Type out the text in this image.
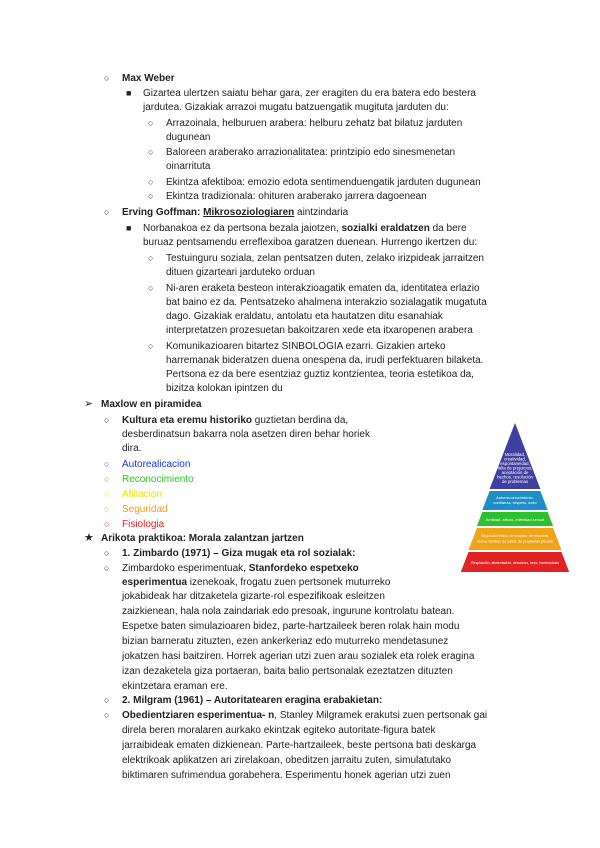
○ Max Weber
■ Gizartea ulertzen saiatu behar gara, zer eragiten du era batera edo bestera
jardutea. Gizakiak arrazoi mugatu batzuengatik mugituta jarduten du:
○ Arrazoinala, helburuen arabera: helburu zehatz bat bilatuz jarduten
dugunean
○ Baloreen araberako arrazionalitatea: printzipio edo sinesmenetan
oinarrituta
○ Ekintza afektiboa: emozio edota sentimenduengatik jarduten dugunean
○ Ekintza tradizionala: ohituren araberako jarrera dagoenean
○ Erving Goffman: Mikrosoziologiaren aintzindaria
■ Norbanakoa ez da pertsona bezala jaiotzen, sozialki eraldatzen da bere
buruaz pentsamendu erreflexiboa garatzen duenean. Hurrengo ikertzen du:
○ Testuinguru soziala, zelan pentsatzen duten, zelako irizpideak jarraitzen
dituen gizarteari jarduteko orduan
○ Ni-aren eraketa besteon interakzioagatik ematen da, identitatea erlazio
bat baino ez da. Pentsatzeko ahalmena interakzio sozialagatik mugatuta
dago. Gizakiak eraldatu, antolatu eta hautatzen ditu esanahiak
interpretatzen prozesuetan bakoitzaren xede eta itxaropenen arabera
○ Komunikazioaren bitartez SINBOLOGIA ezarri. Gizakien arteko
harremanak bideratzen duena onespena da, irudi perfektuaren bilaketa.
Pertsona ez da bere esentziaz guztiz kontzientea, teoria estetikoa da,
bizitza kolokan ipintzen du
➢ Maxlow en piramidea
○ Kultura eta eremu historiko guztietan berdina da,
desberdinatsun bakarra nola asetzen diren behar horiek
dira.
○ Autorealicacion
○ Reconocimiento
○ Afiliación
○ Seguridad
○ Fisiologia
Moralidad,
creatividad,
espontaneidad,
falta de prejuicios,
aceptación de
hechos, resolución
de problemas
Autorreconocimiento,
confianza, respeto, éxito
Amistad, afecto, intimidad sexual
Seguridad física, de empleo, de recursos,
moral, familiar, de salud, de propiedad privada
Respiración, alimentación, descanso, sexo, homeostasis
★ Arikota praktikoa: Morala zalantzan jartzen
○ 1. Zimbardo (1971) – Giza mugak eta rol sozialak:
○ Zimbardoko esperimentuak, Stanfordeko espetxeko
esperimentua izenekoak, frogatu zuen pertsonek muturreko
jokabideak har ditzaketela gizarte-rol espezifikoak esleitzen
zaizkienean, hala nola zaindariak edo presoak, ingurune kontrolatu batean.
Espetxe baten simulazioaren bidez, parte-hartzaileek beren rolak hain modu
bizian barneratu zituzten, ezen ankerkeriaz edo muturreko mendetasunez
jokatzen hasi baitziren. Horrek agerian utzi zuen arau sozialek eta rolek eragina
izan dezaketela giza portaeran, baita balio pertsonalak ezeztatzen dituzten
ekintzetara eraman ere.
○ 2. Milgram (1961) – Autoritatearen eragina erabakietan:
○ Obedientziaren esperimentua- n, Stanley Milgramek erakutsi zuen pertsonak gai
direla beren moralaren aurkako ekintzak egiteko autoritate-figura batek
jarraibideak ematen dizkienean. Parte-hartzaileek, beste pertsona bati deskarga
elektrikoak aplikatzen ari zirelakoan, obeditzen jarraitu zuten, simulatutako
biktimaren sufrimendua gorabehera. Esperimentu honek agerian utzi zuen
